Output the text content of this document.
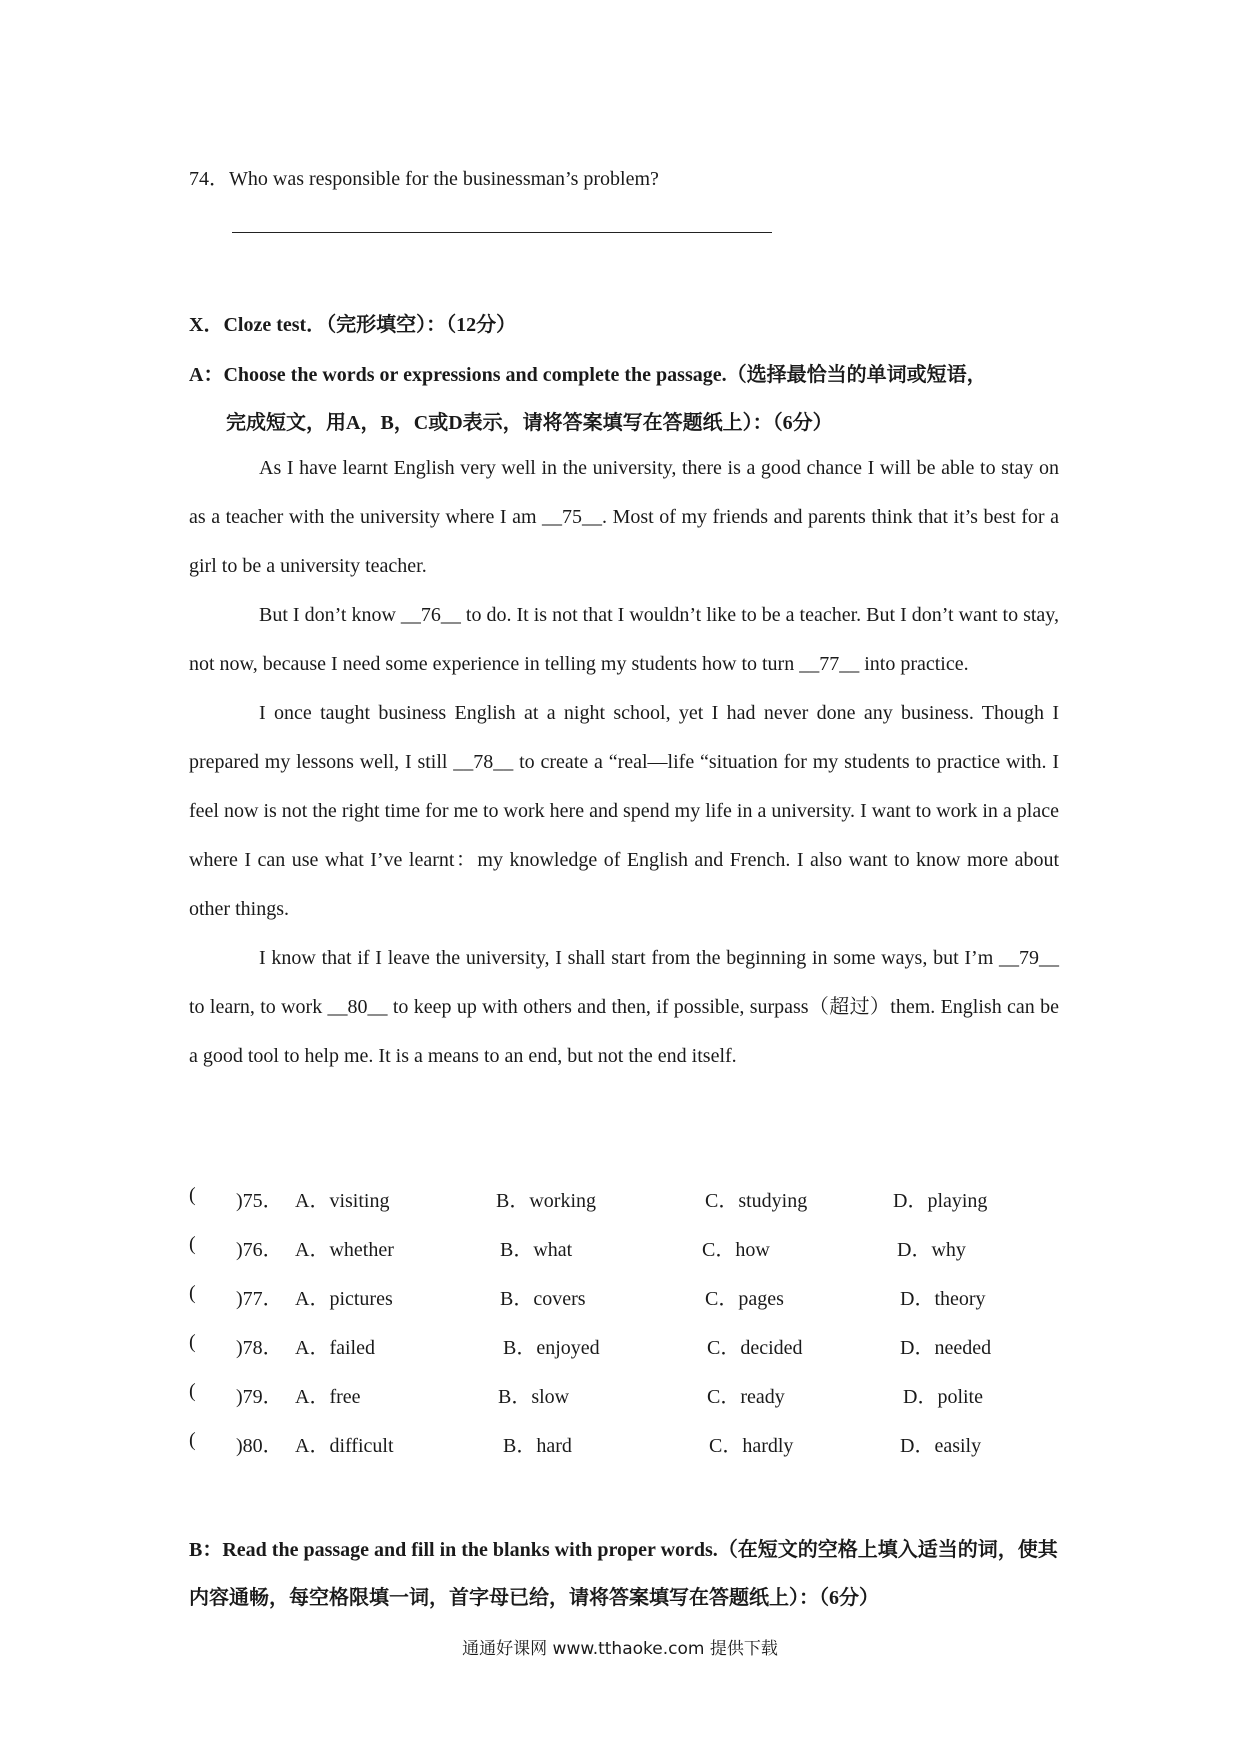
74．Who was responsible for the businessman’s problem?
X．Cloze test．（完形填空）：（12分）
A：Choose the words or expressions and complete the passage.（选择最恰当的单词或短语，
完成短文，用A，B，C或D表示，请将答案填写在答题纸上）：（6分）

As I have learnt English very well in the university, there is a good chance I will be able to stay on as a teacher with the university where I am __75__. Most of my friends and parents think that it’s best for a girl to be a university teacher.

But I don’t know __76__ to do. It is not that I wouldn’t like to be a teacher. But I don’t want to stay, not now, because I need some experience in telling my students how to turn __77__ into practice.

I once taught business English at a night school, yet I had never done any business. Though I prepared my lessons well, I still __78__ to create a “real—life “situation for my students to practice with. I feel now is not the right time for me to work here and spend my life in a university. I want to work in a place where I can use what I’ve learnt：my knowledge of English and French. I also want to know more about other things.

I know that if I leave the university, I shall start from the beginning in some ways, but I’m __79__ to learn, to work __80__ to keep up with others and then, if possible, surpass（超过）them. English can be a good tool to help me. It is a means to an end, but not the end itself.

( )75． A．visiting	B．working	C．studying	D．playing
( )76． A．whether	B．what	C．how	D．why
( )77． A．pictures	B．covers	C．pages	D．theory
( )78． A．failed	B．enjoyed	C．decided	D．needed
( )79． A．free	B．slow	C．ready	D．polite
( )80． A．difficult	B．hard	C．hardly	D．easily
B：Read the passage and fill in the blanks with proper words.（在短文的空格上填入适当的词，使其内容通畅，每空格限填一词，首字母已给，请将答案填写在答题纸上）：（6分）
通通好课网 www.tthaoke.com 提供下载
